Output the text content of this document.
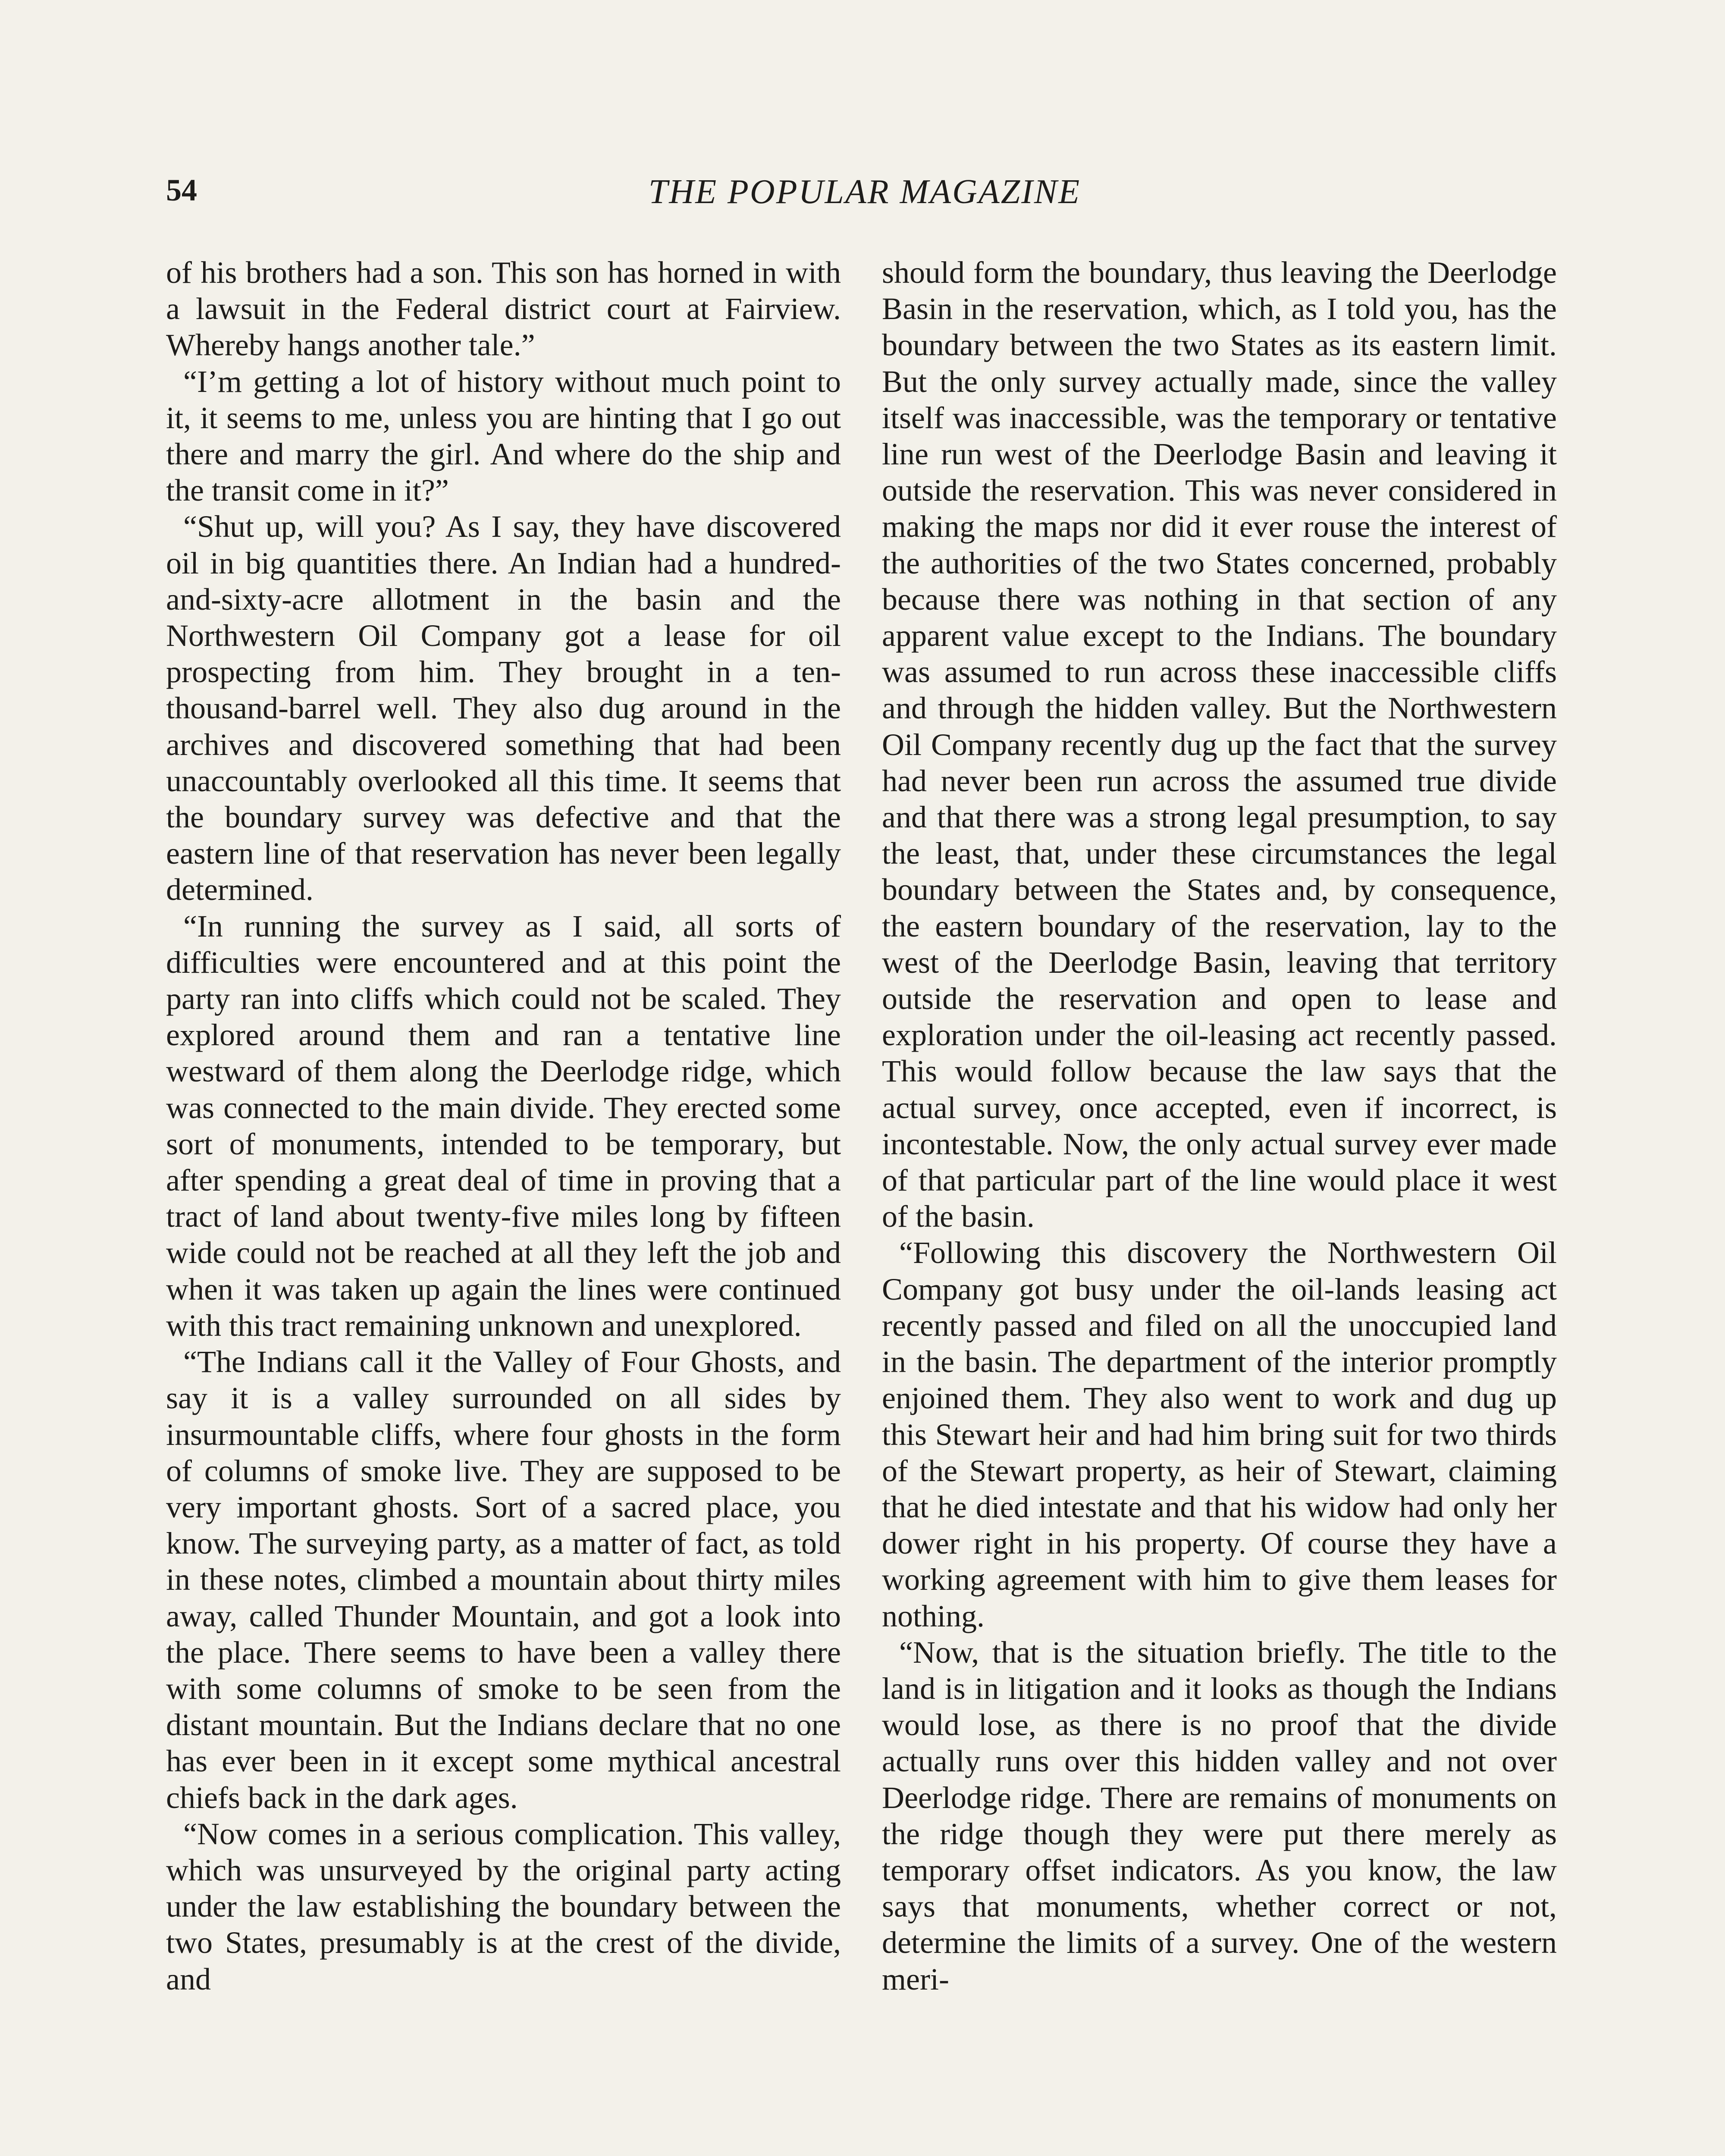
54	THE POPULAR MAGAZINE

of his brothers had a son. This son has horned in with a lawsuit in the Federal district court at Fairview. Whereby hangs another tale.”

“I’m getting a lot of history without much point to it, it seems to me, unless you are hinting that I go out there and marry the girl. And where do the ship and the transit come in it?”

“Shut up, will you? As I say, they have discovered oil in big quantities there. An Indian had a hundred-and-sixty-acre allotment in the basin and the Northwestern Oil Company got a lease for oil prospecting from him. They brought in a ten-thousand-barrel well. They also dug around in the archives and discovered something that had been unaccountably overlooked all this time. It seems that the boundary survey was defective and that the eastern line of that reservation has never been legally determined.

“In running the survey as I said, all sorts of difficulties were encountered and at this point the party ran into cliffs which could not be scaled. They explored around them and ran a tentative line westward of them along the Deerlodge ridge, which was connected to the main divide. They erected some sort of monuments, intended to be temporary, but after spending a great deal of time in proving that a tract of land about twenty-five miles long by fifteen wide could not be reached at all they left the job and when it was taken up again the lines were continued with this tract remaining unknown and unexplored.

“The Indians call it the Valley of Four Ghosts, and say it is a valley surrounded on all sides by insurmountable cliffs, where four ghosts in the form of columns of smoke live. They are supposed to be very important ghosts. Sort of a sacred place, you know. The surveying party, as a matter of fact, as told in these notes, climbed a mountain about thirty miles away, called Thunder Mountain, and got a look into the place. There seems to have been a valley there with some columns of smoke to be seen from the distant mountain. But the Indians declare that no one has ever been in it except some mythical ancestral chiefs back in the dark ages.

“Now comes in a serious complication. This valley, which was unsurveyed by the original party acting under the law establishing the boundary between the two States, presumably is at the crest of the divide, and

should form the boundary, thus leaving the Deerlodge Basin in the reservation, which, as I told you, has the boundary between the two States as its eastern limit. But the only survey actually made, since the valley itself was inaccessible, was the temporary or tentative line run west of the Deerlodge Basin and leaving it outside the reservation. This was never considered in making the maps nor did it ever rouse the interest of the authorities of the two States concerned, probably because there was nothing in that section of any apparent value except to the Indians. The boundary was assumed to run across these inaccessible cliffs and through the hidden valley. But the Northwestern Oil Company recently dug up the fact that the survey had never been run across the assumed true divide and that there was a strong legal presumption, to say the least, that, under these circumstances the legal boundary between the States and, by consequence, the eastern boundary of the reservation, lay to the west of the Deerlodge Basin, leaving that territory outside the reservation and open to lease and exploration under the oil-leasing act recently passed. This would follow because the law says that the actual survey, once accepted, even if incorrect, is incontestable. Now, the only actual survey ever made of that particular part of the line would place it west of the basin.

“Following this discovery the Northwestern Oil Company got busy under the oil-lands leasing act recently passed and filed on all the unoccupied land in the basin. The department of the interior promptly enjoined them. They also went to work and dug up this Stewart heir and had him bring suit for two thirds of the Stewart property, as heir of Stewart, claiming that he died intestate and that his widow had only her dower right in his property. Of course they have a working agreement with him to give them leases for nothing.

“Now, that is the situation briefly. The title to the land is in litigation and it looks as though the Indians would lose, as there is no proof that the divide actually runs over this hidden valley and not over Deerlodge ridge. There are remains of monuments on the ridge though they were put there merely as temporary offset indicators. As you know, the law says that monuments, whether correct or not, determine the limits of a survey. One of the western meri-
